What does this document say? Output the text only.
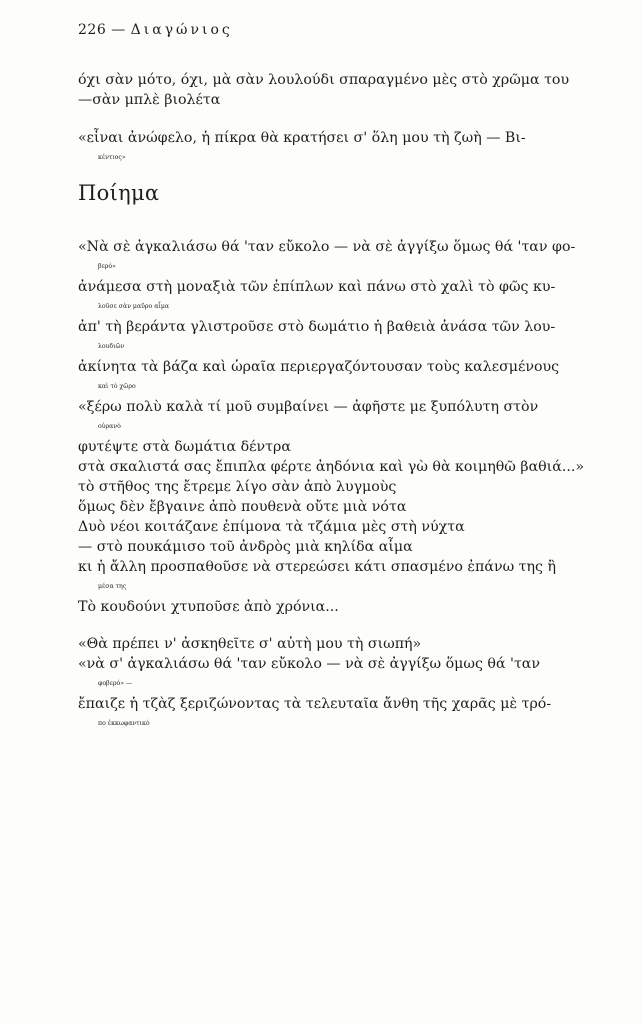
226 — Διαγώνιος
όχι σὰν μότο, όχι, μὰ σὰν λουλούδι σπαραγμένο μὲς στὸ χρῶμα του
—σὰν μπλὲ βιολέτα
«εἶναι ἀνώφελο, ἡ πίκρα θὰ κρατήσει σ' ὅλη μου τὴ ζωὴ — Βι-
κέντιος»
Ποίημα
«Νὰ σὲ ἀγκαλιάσω θά 'ταν εὔκολο — νὰ σὲ ἀγγίξω ὅμως θά 'ταν φο-
βερό»
ἀνάμεσα στὴ μοναξιὰ τῶν ἐπίπλων καὶ πάνω στὸ χαλὶ τὸ φῶς κυ-
λοῦσε σὰν μαῦρο αἷμα
ἀπ' τὴ βεράντα γλιστροῦσε στὸ δωμάτιο ἡ βαθειὰ ἀνάσα τῶν λου-
λουδιῶν
ἀκίνητα τὰ βάζα καὶ ὡραῖα περιεργαζόντουσαν τοὺς καλεσμένους
καὶ τὸ χῶρο
«ξέρω πολὺ καλὰ τί μοῦ συμβαίνει — ἀφῆστε με ξυπόλυτη στὸν
οὐρανὸ
φυτέψτε στὰ δωμάτια δέντρα
στὰ σκαλιστά σας ἔπιπλα φέρτε ἀηδόνια καὶ γὼ θὰ κοιμηθῶ βαθιά...»
τὸ στῆθος της ἔτρεμε λίγο σὰν ἀπὸ λυγμοὺς
ὅμως δὲν ἔβγαινε ἀπὸ πουθενὰ οὔτε μιὰ νότα
Δυὸ νέοι κοιτάζανε ἐπίμονα τὰ τζάμια μὲς στὴ νύχτα
— στὸ πουκάμισο τοῦ ἀνδρὸς μιὰ κηλίδα αἷμα
κι ἡ ἄλλη προσπαθοῦσε νὰ στερεώσει κάτι σπασμένο ἐπάνω της ἢ
μέσα της
Τὸ κουδούνι χτυποῦσε ἀπὸ χρόνια...
«Θὰ πρέπει ν' ἀσκηθεῖτε σ' αὐτὴ μου τὴ σιωπή»
«νὰ σ' ἀγκαλιάσω θά 'ταν εὔκολο — νὰ σὲ ἀγγίξω ὅμως θά 'ταν
φοβερό» —
ἔπαιζε ἡ τζὰζ ξεριζώνοντας τὰ τελευταῖα ἄνθη τῆς χαρᾶς μὲ τρό-
πο ἐκκωφαντικὸ
